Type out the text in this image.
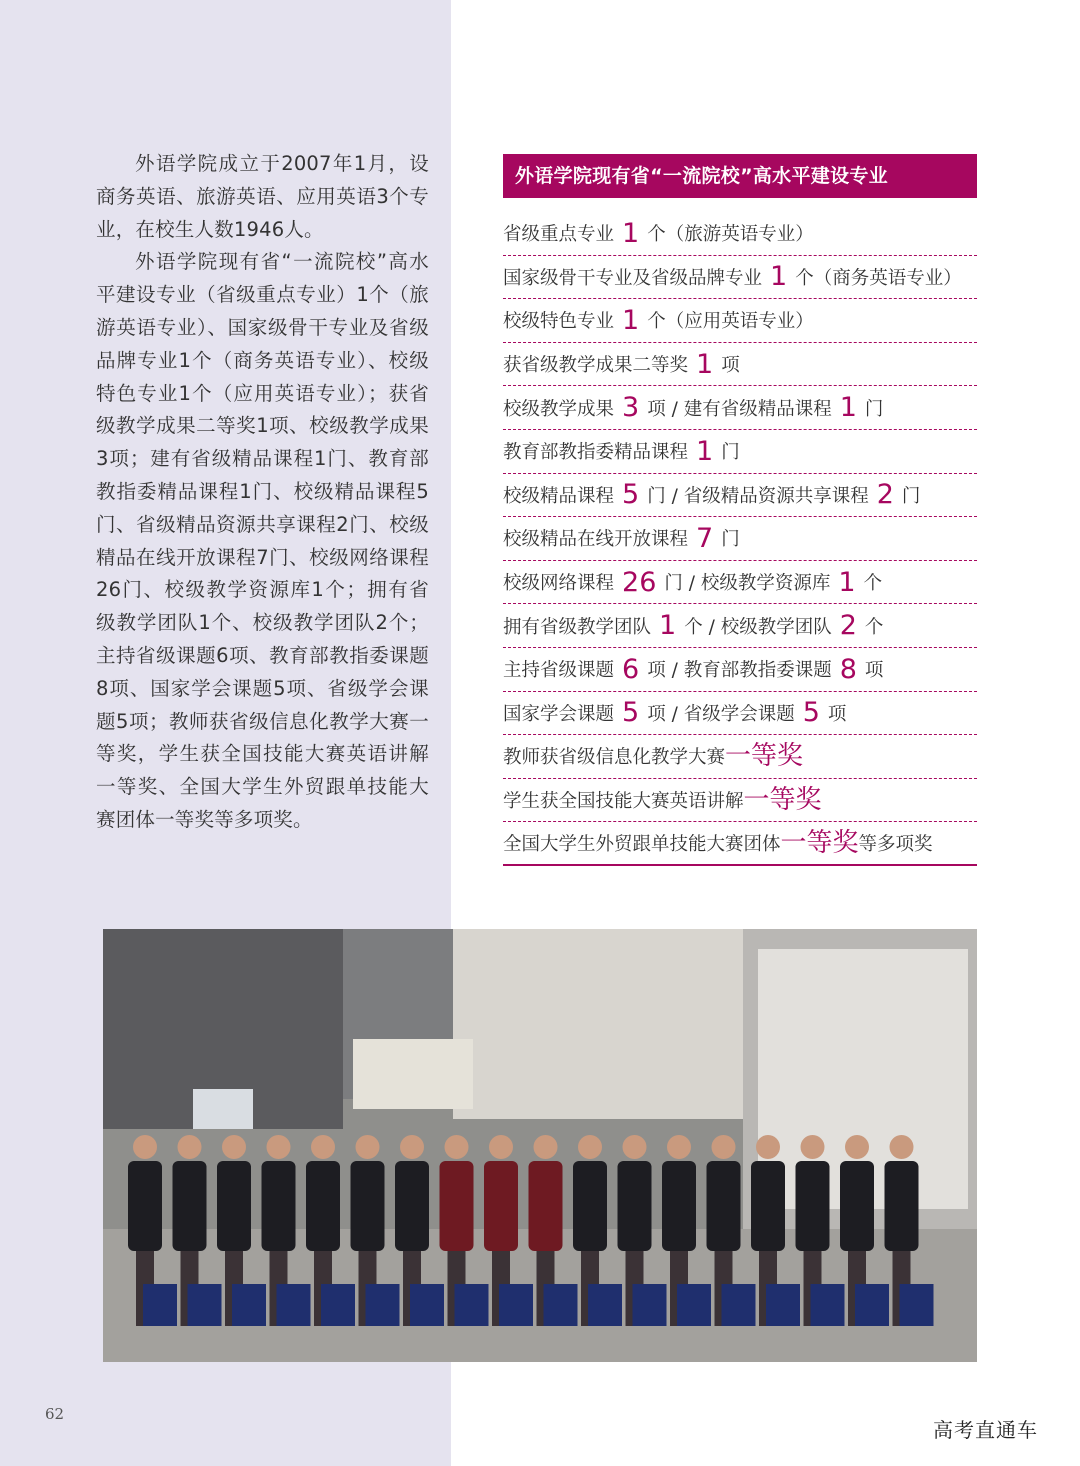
外语学院成立于2007年1月，设商务英语、旅游英语、应用英语3个专业，在校生人数1946人。

外语学院现有省“一流院校”高水平建设专业（省级重点专业）1个（旅游英语专业）、国家级骨干专业及省级品牌专业1个（商务英语专业）、校级特色专业1个（应用英语专业）；获省级教学成果二等奖1项、校级教学成果3项；建有省级精品课程1门、教育部教指委精品课程1门、校级精品课程5门、省级精品资源共享课程2门、校级精品在线开放课程7门、校级网络课程26门、校级教学资源库1个；拥有省级教学团队1个、校级教学团队2个；主持省级课题6项、教育部教指委课题8项、国家学会课题5项、省级学会课题5项；教师获省级信息化教学大赛一等奖，学生获全国技能大赛英语讲解一等奖、全国大学生外贸跟单技能大赛团体一等奖等多项奖。

外语学院现有省“一流院校”高水平建设专业
省级重点专业 1 个（旅游英语专业）
国家级骨干专业及省级品牌专业 1 个（商务英语专业）
校级特色专业 1 个（应用英语专业）
获省级教学成果二等奖 1 项
校级教学成果 3 项 / 建有省级精品课程 1 门
教育部教指委精品课程 1 门
校级精品课程 5 门 / 省级精品资源共享课程 2 门
校级精品在线开放课程 7 门
校级网络课程 26 门 / 校级教学资源库 1 个
拥有省级教学团队 1 个 / 校级教学团队 2 个
主持省级课题 6 项 / 教育部教指委课题 8 项
国家学会课题 5 项 / 省级学会课题 5 项
教师获省级信息化教学大赛 一等奖
学生获全国技能大赛英语讲解 一等奖
全国大学生外贸跟单技能大赛团体 一等奖 等多项奖
62
高考直通车
